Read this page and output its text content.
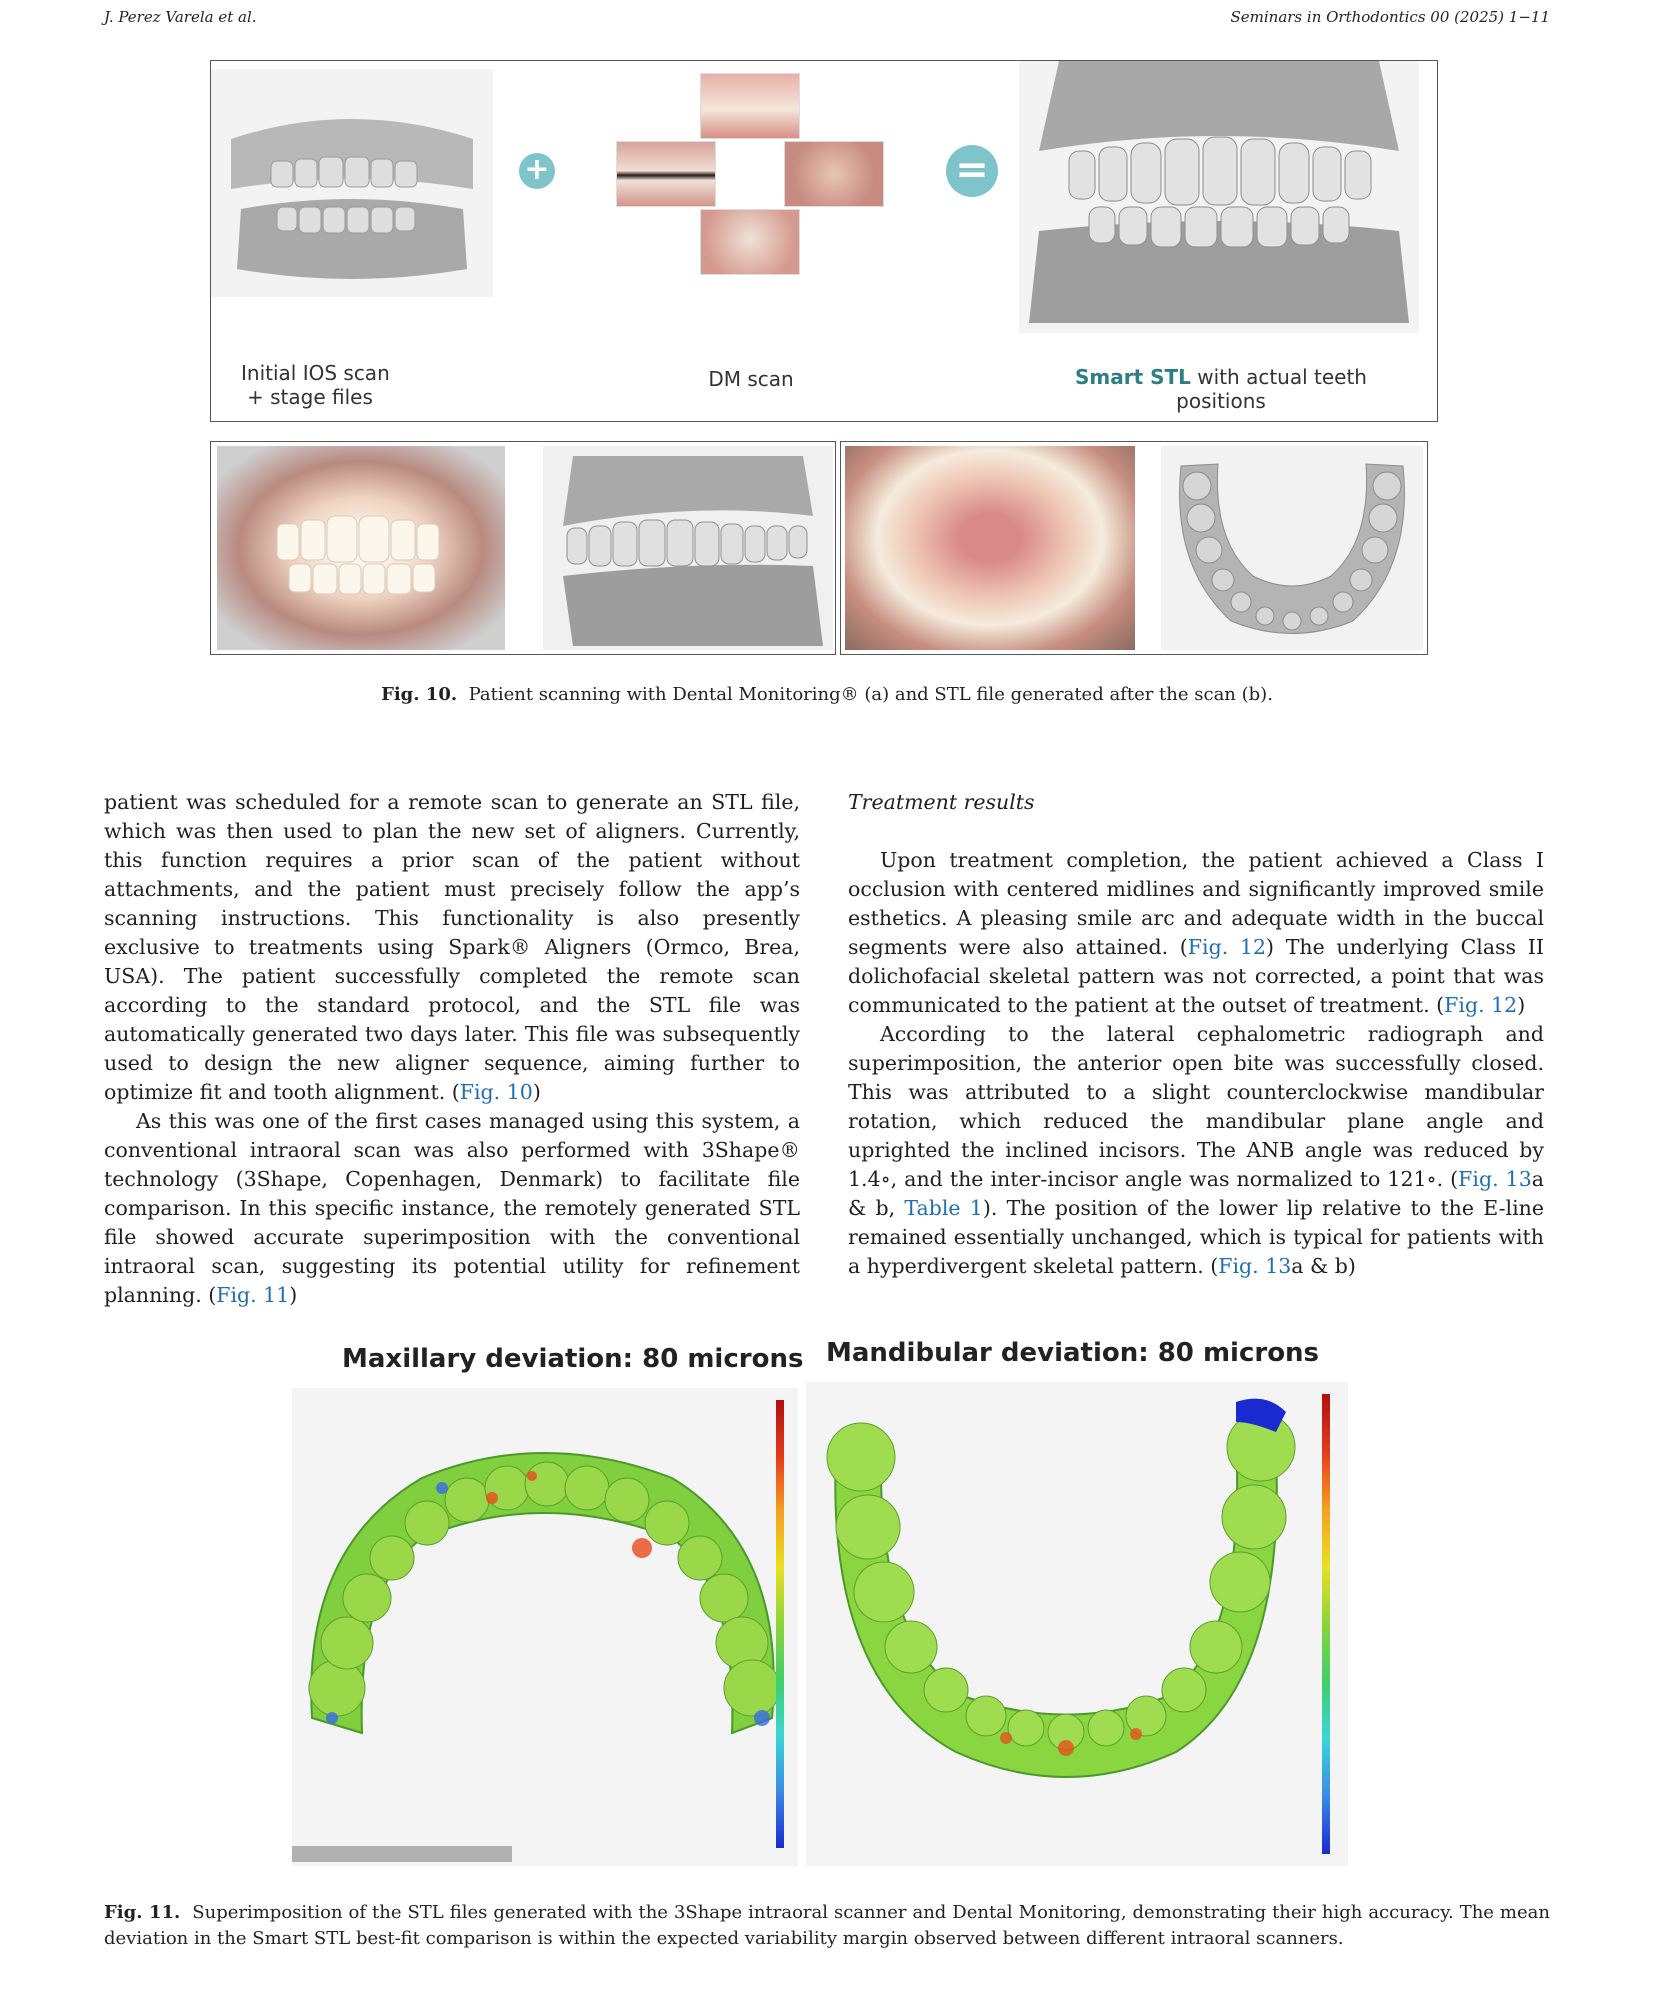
J. Perez Varela et al.	Seminars in Orthodontics 00 (2025) 1−11
+	=
Initial IOS scan
+ stage files
DM scan	Smart STL with actual teeth
positions
Fig. 10. Patient scanning with Dental Monitoring® (a) and STL file generated after the scan (b).

patient was scheduled for a remote scan to generate an STL file, which was then used to plan the new set of aligners. Currently, this function requires a prior scan of the patient without attachments, and the patient must precisely follow the app’s scanning instructions. This functionality is also presently exclusive to treatments using Spark® Aligners (Ormco, Brea, USA). The patient successfully completed the remote scan according to the standard protocol, and the STL file was automatically generated two days later. This file was subsequently used to design the new aligner sequence, aiming further to optimize fit and tooth alignment. (Fig. 10)

As this was one of the first cases managed using this system, a conventional intraoral scan was also performed with 3Shape® technology (3Shape, Copenhagen, Denmark) to facilitate file comparison. In this specific instance, the remotely generated STL file showed accurate superimposition with the conventional intraoral scan, suggesting its potential utility for refinement planning. (Fig. 11)

Treatment results

Upon treatment completion, the patient achieved a Class I occlusion with centered midlines and significantly improved smile esthetics. A pleasing smile arc and adequate width in the buccal segments were also attained. (Fig. 12) The underlying Class II dolichofacial skeletal pattern was not corrected, a point that was communicated to the patient at the outset of treatment. (Fig. 12)

According to the lateral cephalometric radiograph and superimposition, the anterior open bite was successfully closed. This was attributed to a slight counterclockwise mandibular rotation, which reduced the mandibular plane angle and uprighted the inclined incisors. The ANB angle was reduced by 1.4∘, and the inter-incisor angle was normalized to 121∘. (Fig. 13a & b, Table 1). The position of the lower lip relative to the E-line remained essentially unchanged, which is typical for patients with a hyperdivergent skeletal pattern. (Fig. 13a & b)

Maxillary deviation: 80 microns Mandibular deviation: 80 microns
Fig. 11. Superimposition of the STL files generated with the 3Shape intraoral scanner and Dental Monitoring, demonstrating their high accuracy. The mean deviation in the Smart STL best-fit comparison is within the expected variability margin observed between different intraoral scanners.
